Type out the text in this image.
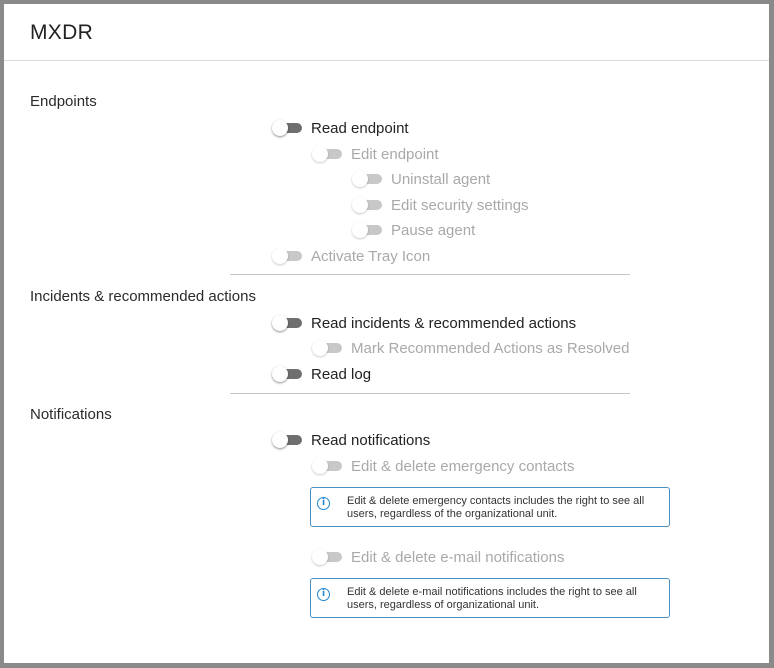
MXDR
Endpoints
Read endpoint
Edit endpoint
Uninstall agent
Edit security settings
Pause agent
Activate Tray Icon
Incidents & recommended actions
Read incidents & recommended actions
Mark Recommended Actions as Resolved
Read log
Notifications
Read notifications
Edit & delete emergency contacts
i	Edit & delete emergency contacts includes the right to see all users, regardless of the organizational unit.
Edit & delete e-mail notifications
i	Edit & delete e-mail notifications includes the right to see all users, regardless of organizational unit.
